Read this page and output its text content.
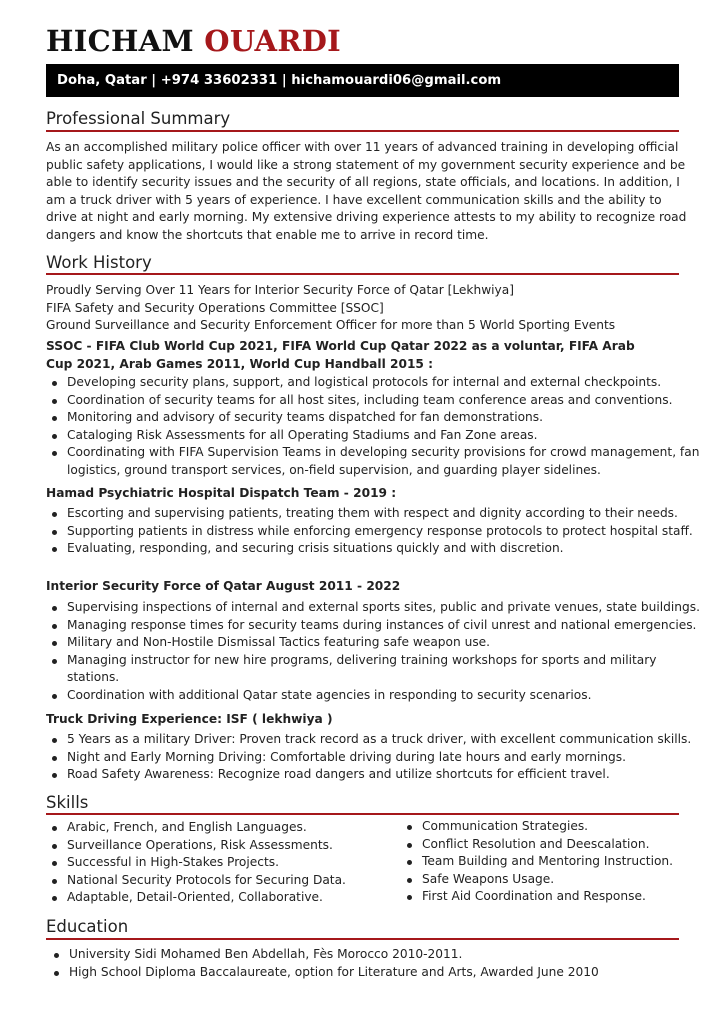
HICHAM OUARDI
Doha, Qatar | +974 33602331 | hichamouardi06@gmail.com
Professional Summary
As an accomplished military police officer with over 11 years of advanced training in developing official public safety applications, I would like a strong statement of my government security experience and be able to identify security issues and the security of all regions, state officials, and locations. In addition, I am a truck driver with 5 years of experience. I have excellent communication skills and the ability to drive at night and early morning. My extensive driving experience attests to my ability to recognize road dangers and know the shortcuts that enable me to arrive in record time.
Work History
Proudly Serving Over 11 Years for Interior Security Force of Qatar [Lekhwiya]
FIFA Safety and Security Operations Committee [SSOC]
Ground Surveillance and Security Enforcement Officer for more than 5 World Sporting Events
SSOC - FIFA Club World Cup 2021, FIFA World Cup Qatar 2022 as a voluntar, FIFA Arab Cup 2021, Arab Games 2011, World Cup Handball 2015 :
Developing security plans, support, and logistical protocols for internal and external checkpoints.
Coordination of security teams for all host sites, including team conference areas and conventions.
Monitoring and advisory of security teams dispatched for fan demonstrations.
Cataloging Risk Assessments for all Operating Stadiums and Fan Zone areas.
Coordinating with FIFA Supervision Teams in developing security provisions for crowd management, fan logistics, ground transport services, on-field supervision, and guarding player sidelines.
Hamad Psychiatric Hospital Dispatch Team - 2019 :
Escorting and supervising patients, treating them with respect and dignity according to their needs.
Supporting patients in distress while enforcing emergency response protocols to protect hospital staff.
Evaluating, responding, and securing crisis situations quickly and with discretion.
Interior Security Force of Qatar August 2011 - 2022
Supervising inspections of internal and external sports sites, public and private venues, state buildings.
Managing response times for security teams during instances of civil unrest and national emergencies.
Military and Non-Hostile Dismissal Tactics featuring safe weapon use.
Managing instructor for new hire programs, delivering training workshops for sports and military stations.
Coordination with additional Qatar state agencies in responding to security scenarios.
Truck Driving Experience: ISF ( lekhwiya )
5 Years as a military Driver: Proven track record as a truck driver, with excellent communication skills.
Night and Early Morning Driving: Comfortable driving during late hours and early mornings.
Road Safety Awareness: Recognize road dangers and utilize shortcuts for efficient travel.
Skills
Arabic, French, and English Languages.
Surveillance Operations, Risk Assessments.
Successful in High-Stakes Projects.
National Security Protocols for Securing Data.
Adaptable, Detail-Oriented, Collaborative.
Communication Strategies.
Conflict Resolution and Deescalation.
Team Building and Mentoring Instruction.
Safe Weapons Usage.
First Aid Coordination and Response.
Education
University Sidi Mohamed Ben Abdellah, Fès Morocco 2010-2011.
High School Diploma Baccalaureate, option for Literature and Arts, Awarded June 2010
